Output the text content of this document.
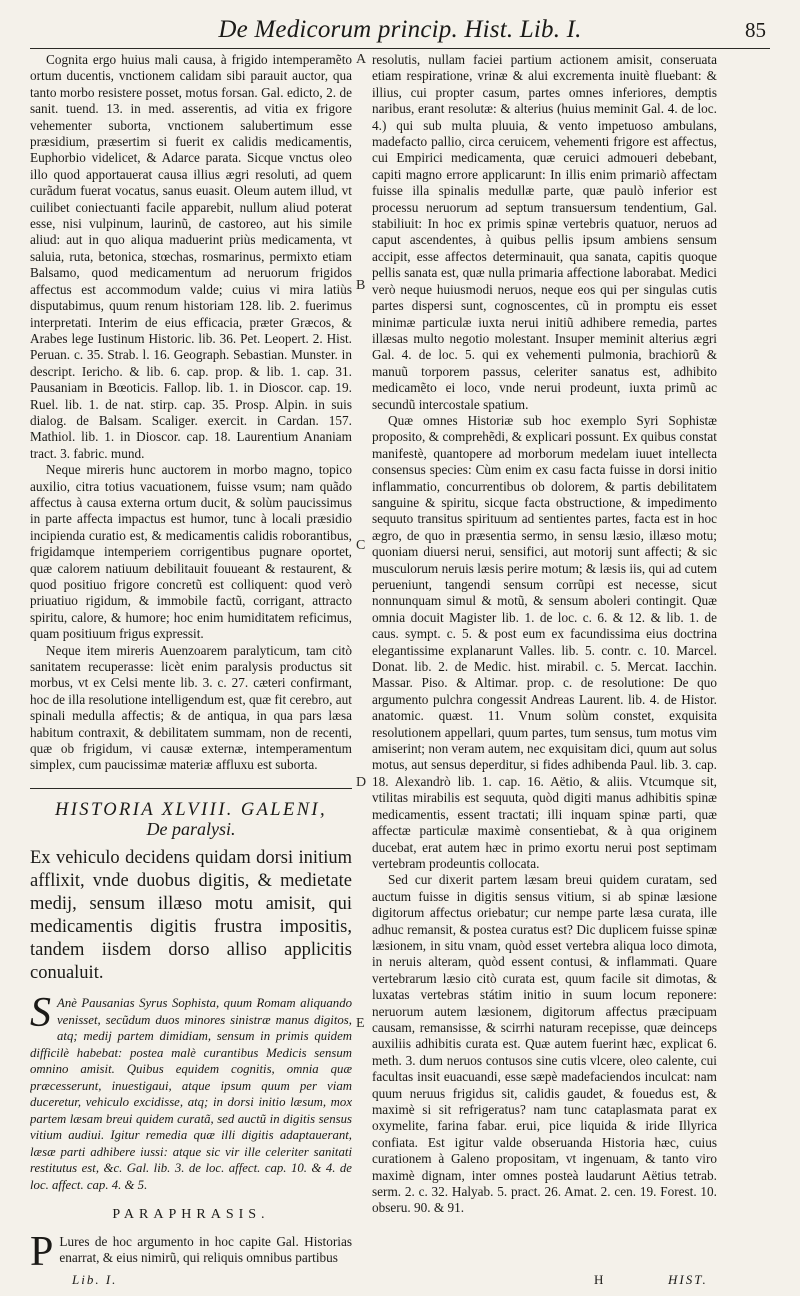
De Medicorum princip. Hist. Lib. I.	85
A
B
C
D
E

Cognita ergo huius mali causa, à frigido intemperamẽto ortum ducentis, vnctionem calidam sibi parauit auctor, qua tanto morbo resistere posset, motus forsan. Gal. edicto, 2. de sanit. tuend. 13. in med. asserentis, ad vitia ex frigore vehementer suborta, vnctionem salubertimum esse præsidium, præsertim si fuerit ex calidis medicamentis, Euphorbio videlicet, & Adarce parata. Sicque vnctus oleo illo quod apportauerat causa illius ægri resoluti, ad quem curãdum fuerat vocatus, sanus euasit. Oleum autem illud, vt cuilibet coniectuanti facile apparebit, nullum aliud poterat esse, nisi vulpinum, laurinũ, de castoreo, aut his simile aliud: aut in quo aliqua maduerint priùs medicamenta, vt saluia, ruta, betonica, stœchas, rosmarinus, permixto etiam Balsamo, quod medicamentum ad neruorum frigidos affectus est accommodum valde; cuius vi mira latiùs disputabimus, quum renum historiam 128. lib. 2. fuerimus interpretati. Interim de eius efficacia, præter Græcos, & Arabes lege Iustinum Historic. lib. 36. Pet. Leopert. 2. Hist. Peruan. c. 35. Strab. l. 16. Geograph. Sebastian. Munster. in descript. Iericho. & lib. 6. cap. prop. & lib. 1. cap. 31. Pausaniam in Bœoticis. Fallop. lib. 1. in Dioscor. cap. 19. Ruel. lib. 1. de nat. stirp. cap. 35. Prosp. Alpin. in suis dialog. de Balsam. Scaliger. exercit. in Cardan. 157. Mathiol. lib. 1. in Dioscor. cap. 18. Laurentium Ananiam tract. 3. fabric. mund.

Neque mireris hunc auctorem in morbo magno, topico auxilio, citra totius vacuationem, fuisse vsum; nam quãdo affectus à causa externa ortum ducit, & solùm paucissimus in parte affecta impactus est humor, tunc à locali præsidio incipienda curatio est, & medicamentis calidis roborantibus, frigidamque intemperiem corrigentibus pugnare oportet, quæ calorem natiuum debilitauit fouueant & restaurent, & quod positiuo frigore concretũ est colliquent: quod verò priuatiuo rigidum, & immobile factũ, corrigant, attracto spiritu, calore, & humore; hoc enim humiditatem reficimus, quam positiuum frigus expressit.

Neque item mireris Auenzoarem paralyticum, tam citò sanitatem recuperasse: licèt enim paralysis productus sit morbus, vt ex Celsi mente lib. 3. c. 27. cæteri confirmant, hoc de illa resolutione intelligendum est, quæ fit cerebro, aut spinali medulla affectis; & de antiqua, in qua pars læsa habitum contraxit, & debilitatem summam, non de recenti, quæ ob frigidum, vi causæ externæ, intemperamentum simplex, cum paucissimæ materiæ affluxu est suborta.

HISTORIA XLVIII. GALENI,
De paralysi.
Ex vehiculo decidens quidam dorsi initium afflixit, vnde duobus digitis, & medietate medij, sensum illæso motu amisit, qui medicamentis digitis frustra impositis, tandem iisdem dorso alliso applicitis conualuit.
S Anè Pausanias Syrus Sophista, quum Romam aliquando venisset, secũdum duos minores sinistræ manus digitos, atq; medij partem dimidiam, sensum in primis quidem difficilè habebat: postea malè curantibus Medicis sensum omnino amisit. Quibus equidem cognitis, omnia quæ præcesserunt, inuestigaui, atque ipsum quum per viam duceretur, vehiculo excidisse, atq; in dorsi initio læsum, mox partem læsam breui quidem curatã, sed auctũ in digitis sensus vitium audiui. Igitur remedia quæ illi digitis adaptauerant, læsæ parti adhibere iussi: atque sic vir ille celeriter sanitati restitutus est, &c. Gal. lib. 3. de loc. affect. cap. 10. & 4. de loc. affect. cap. 4. & 5.
PARAPHRASIS.

P Lures de hoc argumento in hoc capite Gal. Historias enarrat, & eius nimirũ, qui reliquis omnibus partibus

resolutis, nullam faciei partium actionem amisit, conseruata etiam respiratione, vrinæ & alui excrementa inuitè fluebant: & illius, cui propter casum, partes omnes inferiores, demptis naribus, erant resolutæ: & alterius (huius meminit Gal. 4. de loc. 4.) qui sub multa pluuia, & vento impetuoso ambulans, madefacto pallio, circa ceruicem, vehementi frigore est affectus, cui Empirici medicamenta, quæ ceruici admoueri debebant, capiti magno errore applicarunt: In illis enim primariò affectam fuisse illa spinalis medullæ parte, quæ paulò inferior est processu neruorum ad septum transuersum tendentium, Gal. stabiliuit: In hoc ex primis spinæ vertebris quatuor, neruos ad caput ascendentes, à quibus pellis ipsum ambiens sensum accipit, esse affectos determinauit, qua sanata, capitis quoque pellis sanata est, quæ nulla primaria affectione laborabat. Medici verò neque huiusmodi neruos, neque eos qui per singulas cutis partes dispersi sunt, cognoscentes, cũ in promptu eis esset minimæ particulæ iuxta nerui initiũ adhibere remedia, partes illæsas multo negotio molestant. Insuper meminit alterius ægri Gal. 4. de loc. 5. qui ex vehementi pulmonia, brachiorũ & manuũ torporem passus, celeriter sanatus est, adhibito medicamẽto ei loco, vnde nerui prodeunt, iuxta primũ ac secundũ intercostale spatium.

Quæ omnes Historiæ sub hoc exemplo Syri Sophistæ proposito, & comprehẽdi, & explicari possunt. Ex quibus constat manifestè, quantopere ad morborum medelam iuuet intellecta consensus species: Cùm enim ex casu facta fuisse in dorsi initio inflammatio, concurrentibus ob dolorem, & partis debilitatem sanguine & spiritu, sicque facta obstructione, & impedimento sequuto transitus spirituum ad sentientes partes, facta est in hoc ægro, de quo in præsentia sermo, in sensu læsio, illæso motu; quoniam diuersi nerui, sensifici, aut motorij sunt affecti; & sic musculorum neruis læsis perire motum; & læsis iis, qui ad cutem perueniunt, tangendi sensum corrũpi est necesse, sicut nonnunquam simul & motũ, & sensum aboleri contingit. Quæ omnia docuit Magister lib. 1. de loc. c. 6. & 12. & lib. 1. de caus. sympt. c. 5. & post eum ex facundissima eius doctrina elegantissime explanarunt Valles. lib. 5. contr. c. 10. Marcel. Donat. lib. 2. de Medic. hist. mirabil. c. 5. Mercat. Iacchin. Massar. Piso. & Altimar. prop. c. de resolutione: De quo argumento pulchra congessit Andreas Laurent. lib. 4. de Histor. anatomic. quæst. 11. Vnum solùm constet, exquisita resolutionem appellari, quum partes, tum sensus, tum motus vim amiserint; non veram autem, nec exquisitam dici, quum aut solus motus, aut sensus deperditur, si fides adhibenda Paul. lib. 3. cap. 18. Alexandrò lib. 1. cap. 16. Aëtio, & aliis. Vtcumque sit, vtilitas mirabilis est sequuta, quòd digiti manus adhibitis spinæ medicamentis, essent tractati; illi inquam spinæ parti, quæ affectæ particulæ maximè consentiebat, & à qua originem ducebat, erat autem hæc in primo exortu nerui post septimam vertebram prodeuntis collocata.

Sed cur dixerit partem læsam breui quidem curatam, sed auctum fuisse in digitis sensus vitium, si ab spinæ læsione digitorum affectus oriebatur; cur nempe parte læsa curata, ille adhuc remansit, & postea curatus est? Dic duplicem fuisse spinæ læsionem, in situ vnam, quòd esset vertebra aliqua loco dimota, in neruis alteram, quòd essent contusi, & inflammati. Quare vertebrarum læsio citò curata est, quum facile sit dimotas, & luxatas vertebras státim initio in suum locum reponere: neruorum autem læsionem, digitorum affectus præcipuam causam, remansisse, & scirrhi naturam recepisse, quæ deinceps auxiliis adhibitis curata est. Quæ autem fuerint hæc, explicat 6. meth. 3. dum neruos contusos sine cutis vlcere, oleo calente, cui facultas insit euacuandi, esse sæpè madefaciendos inculcat: nam quum neruus frigidus sit, calidis gaudet, & fouedus est, & maximè si sit refrigeratus? nam tunc cataplasmata parat ex oxymelite, farina fabar. erui, pice liquida & iride Illyrica confiata. Est igitur valde obseruanda Historia hæc, cuius curationem à Galeno propositam, vt ingenuam, & tanto viro maximè dignam, inter omnes posteà laudarunt Aëtius tetrab. serm. 2. c. 32. Halyab. 5. pract. 26. Amat. 2. cen. 19. Forest. 10. obseru. 90. & 91.

Lib. I.	H	HIST.
